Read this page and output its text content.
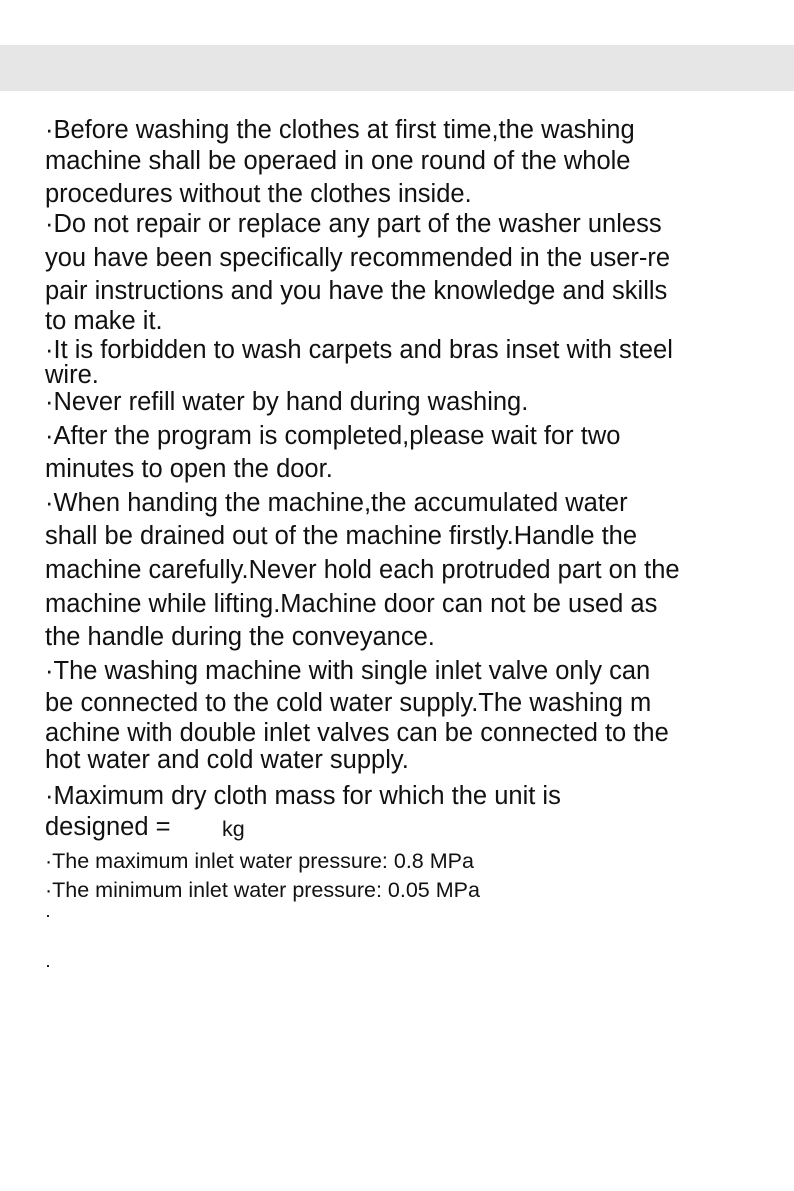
·Before washing the clothes at first time,the washing

machine shall be operaed in one round of the whole

procedures without the clothes inside.

·Do not repair or replace any part of the washer unless

you have been specifically recommended in the user-re

pair instructions and you have the knowledge and skills

to make it.

·It is forbidden to wash carpets and bras inset with steel

wire.

·Never refill water by hand during washing.

·After the program is completed,please wait for two

minutes to open the door.

·When handing the machine,the accumulated water

shall be drained out of the machine firstly.Handle the

machine carefully.Never hold each protruded part on the

machine while lifting.Machine door can not be used as

the handle during the conveyance.

·The washing machine with single inlet valve only can

be connected to the cold water supply.The washing m

achine with double inlet valves can be connected to the

hot water and cold water supply.

·Maximum dry cloth mass for which the unit is

designed = kg

·The maximum inlet water pressure: 0.8 MPa

·The minimum inlet water pressure: 0.05 MPa
